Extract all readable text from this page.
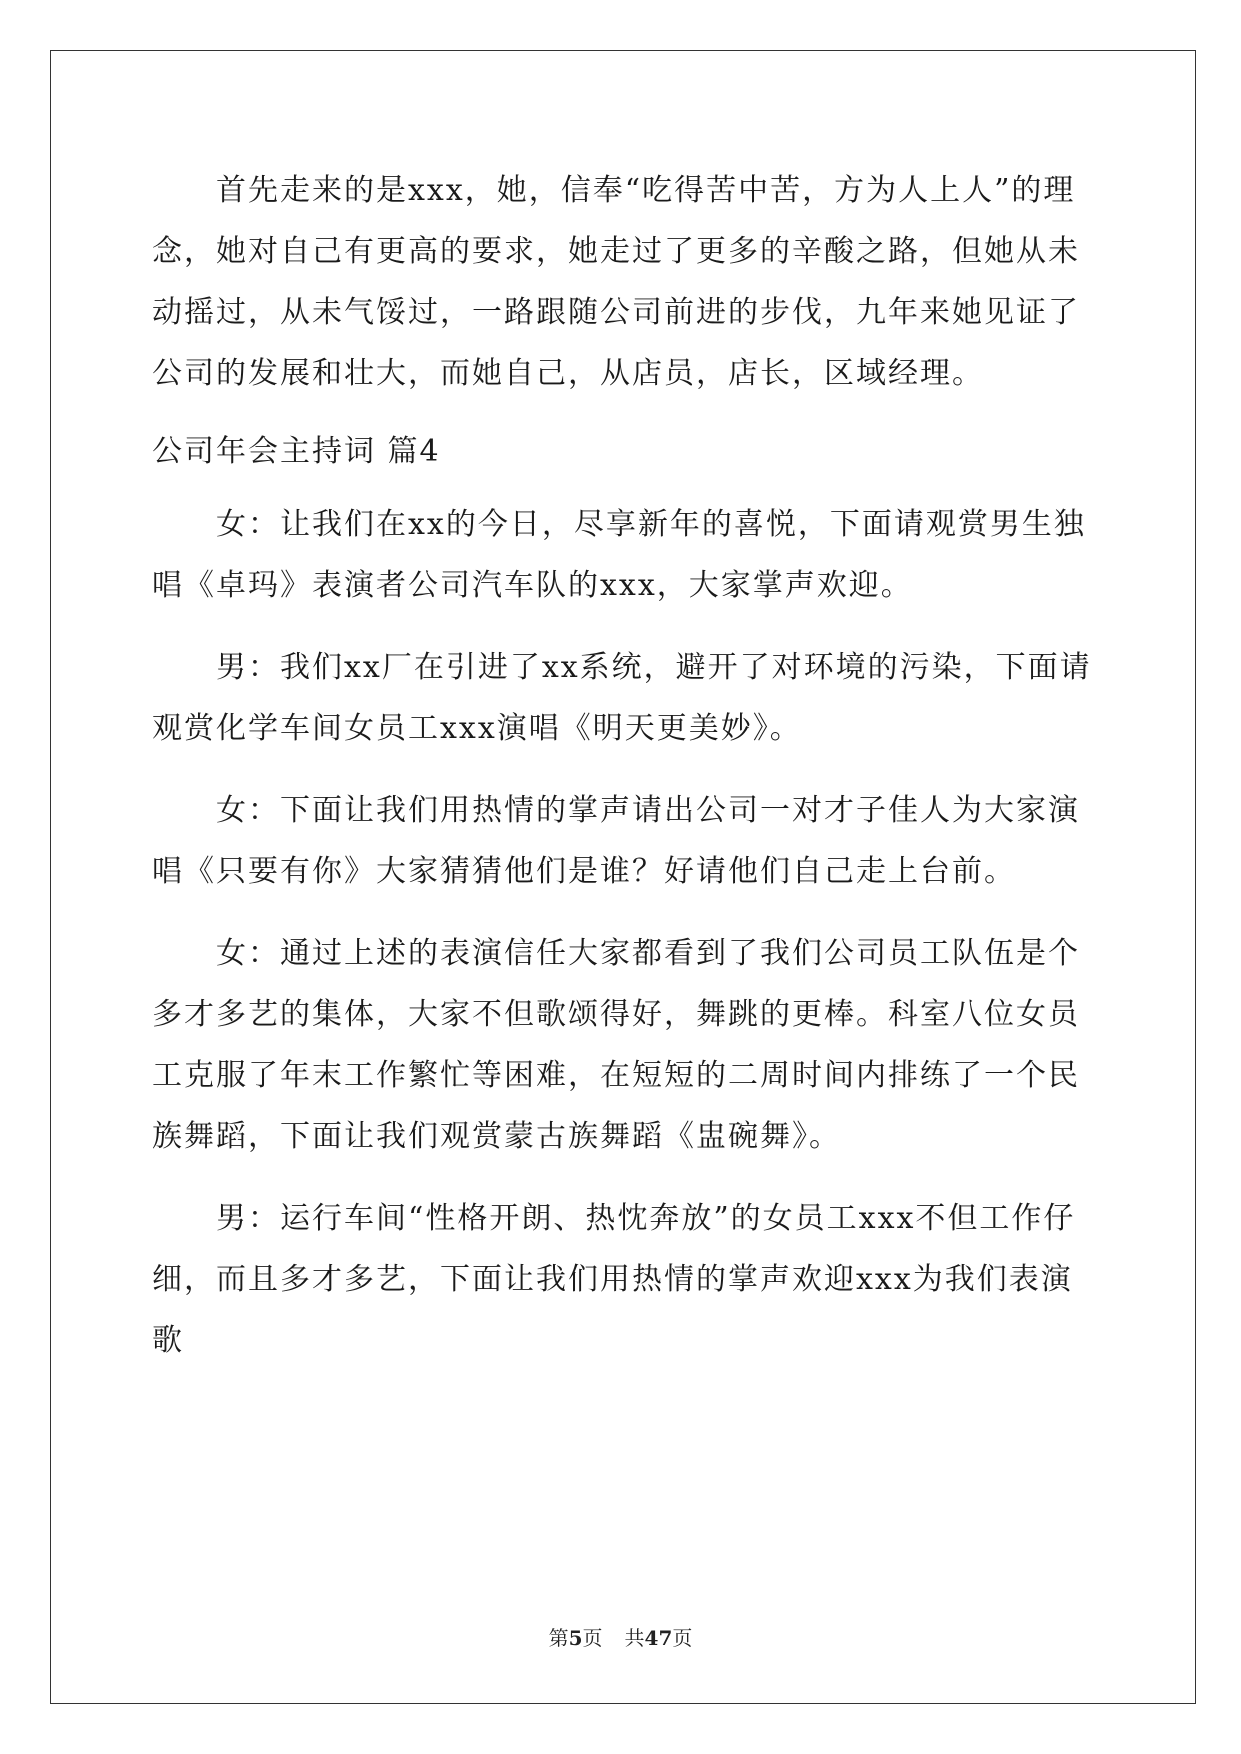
首先走来的是xxx，她，信奉“吃得苦中苦，方为人上人”的理念，她对自己有更高的要求，她走过了更多的辛酸之路，但她从未动摇过，从未气馁过，一路跟随公司前进的步伐，九年来她见证了公司的发展和壮大，而她自己，从店员，店长，区域经理。

公司年会主持词 篇4

女：让我们在xx的今日，尽享新年的喜悦，下面请观赏男生独唱《卓玛》表演者公司汽车队的xxx，大家掌声欢迎。

男：我们xx厂在引进了xx系统，避开了对环境的污染，下面请观赏化学车间女员工xxx演唱《明天更美妙》。

女：下面让我们用热情的掌声请出公司一对才子佳人为大家演唱《只要有你》大家猜猜他们是谁？好请他们自己走上台前。

女：通过上述的表演信任大家都看到了我们公司员工队伍是个多才多艺的集体，大家不但歌颂得好，舞跳的更棒。科室八位女员工克服了年末工作繁忙等困难，在短短的二周时间内排练了一个民族舞蹈，下面让我们观赏蒙古族舞蹈《盅碗舞》。

男：运行车间“性格开朗、热忱奔放”的女员工xxx不但工作仔细，而且多才多艺，下面让我们用热情的掌声欢迎xxx为我们表演歌

第5页 共47页
